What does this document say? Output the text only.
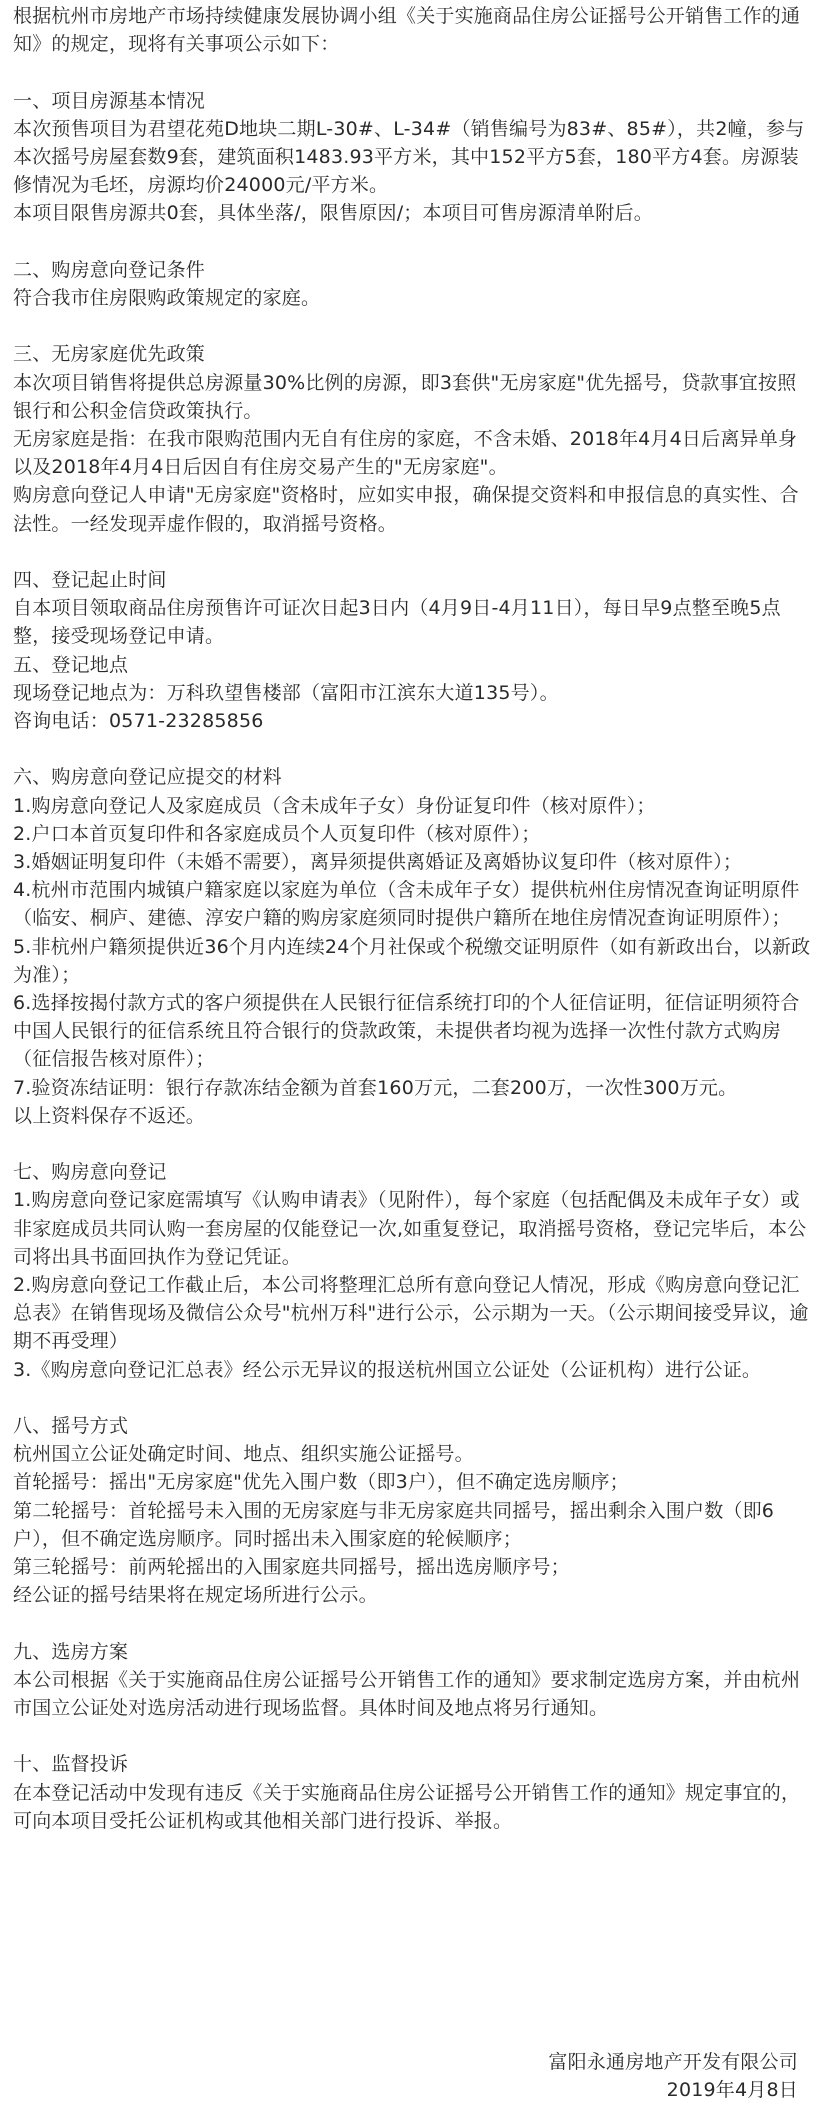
根据杭州市房地产市场持续健康发展协调小组《关于实施商品住房公证摇号公开销售工作的通知》的规定，现将有关事项公示如下：

一、项目房源基本情况

本次预售项目为君望花苑D地块二期L-30#、L-34#（销售编号为83#、85#），共2幢，参与本次摇号房屋套数9套，建筑面积1483.93平方米，其中152平方5套，180平方4套。房源装修情况为毛坯，房源均价24000元/平方米。

本项目限售房源共0套，具体坐落/，限售原因/；本项目可售房源清单附后。

二、购房意向登记条件

符合我市住房限购政策规定的家庭。

三、无房家庭优先政策

本次项目销售将提供总房源量30%比例的房源，即3套供"无房家庭"优先摇号，贷款事宜按照银行和公积金信贷政策执行。

无房家庭是指：在我市限购范围内无自有住房的家庭，不含未婚、2018年4月4日后离异单身以及2018年4月4日后因自有住房交易产生的"无房家庭"。

购房意向登记人申请"无房家庭"资格时，应如实申报，确保提交资料和申报信息的真实性、合法性。一经发现弄虚作假的，取消摇号资格。

四、登记起止时间

自本项目领取商品住房预售许可证次日起3日内（4月9日-4月11日），每日早9点整至晚5点整，接受现场登记申请。

五、登记地点

现场登记地点为：万科玖望售楼部（富阳市江滨东大道135号）。

咨询电话：0571-23285856

六、购房意向登记应提交的材料

1.购房意向登记人及家庭成员（含未成年子女）身份证复印件（核对原件）；

2.户口本首页复印件和各家庭成员个人页复印件（核对原件）；

3.婚姻证明复印件（未婚不需要），离异须提供离婚证及离婚协议复印件（核对原件）；

4.杭州市范围内城镇户籍家庭以家庭为单位（含未成年子女）提供杭州住房情况查询证明原件（临安、桐庐、建德、淳安户籍的购房家庭须同时提供户籍所在地住房情况查询证明原件）；

5.非杭州户籍须提供近36个月内连续24个月社保或个税缴交证明原件（如有新政出台，以新政为准）；

6.选择按揭付款方式的客户须提供在人民银行征信系统打印的个人征信证明，征信证明须符合中国人民银行的征信系统且符合银行的贷款政策，未提供者均视为选择一次性付款方式购房（征信报告核对原件）；

7.验资冻结证明：银行存款冻结金额为首套160万元，二套200万，一次性300万元。

以上资料保存不返还。

七、购房意向登记

1.购房意向登记家庭需填写《认购申请表》（见附件），每个家庭（包括配偶及未成年子女）或非家庭成员共同认购一套房屋的仅能登记一次,如重复登记，取消摇号资格，登记完毕后，本公司将出具书面回执作为登记凭证。

2.购房意向登记工作截止后，本公司将整理汇总所有意向登记人情况，形成《购房意向登记汇总表》在销售现场及微信公众号"杭州万科"进行公示，公示期为一天。（公示期间接受异议，逾期不再受理）

3.《购房意向登记汇总表》经公示无异议的报送杭州国立公证处（公证机构）进行公证。

八、摇号方式

杭州国立公证处确定时间、地点、组织实施公证摇号。

首轮摇号：摇出"无房家庭"优先入围户数（即3户），但不确定选房顺序；

第二轮摇号：首轮摇号未入围的无房家庭与非无房家庭共同摇号，摇出剩余入围户数（即6户），但不确定选房顺序。同时摇出未入围家庭的轮候顺序；

第三轮摇号：前两轮摇出的入围家庭共同摇号，摇出选房顺序号；

经公证的摇号结果将在规定场所进行公示。

九、选房方案

本公司根据《关于实施商品住房公证摇号公开销售工作的通知》要求制定选房方案，并由杭州市国立公证处对选房活动进行现场监督。具体时间及地点将另行通知。

十、监督投诉

在本登记活动中发现有违反《关于实施商品住房公证摇号公开销售工作的通知》规定事宜的，可向本项目受托公证机构或其他相关部门进行投诉、举报。

富阳永通房地产开发有限公司

2019年4月8日
